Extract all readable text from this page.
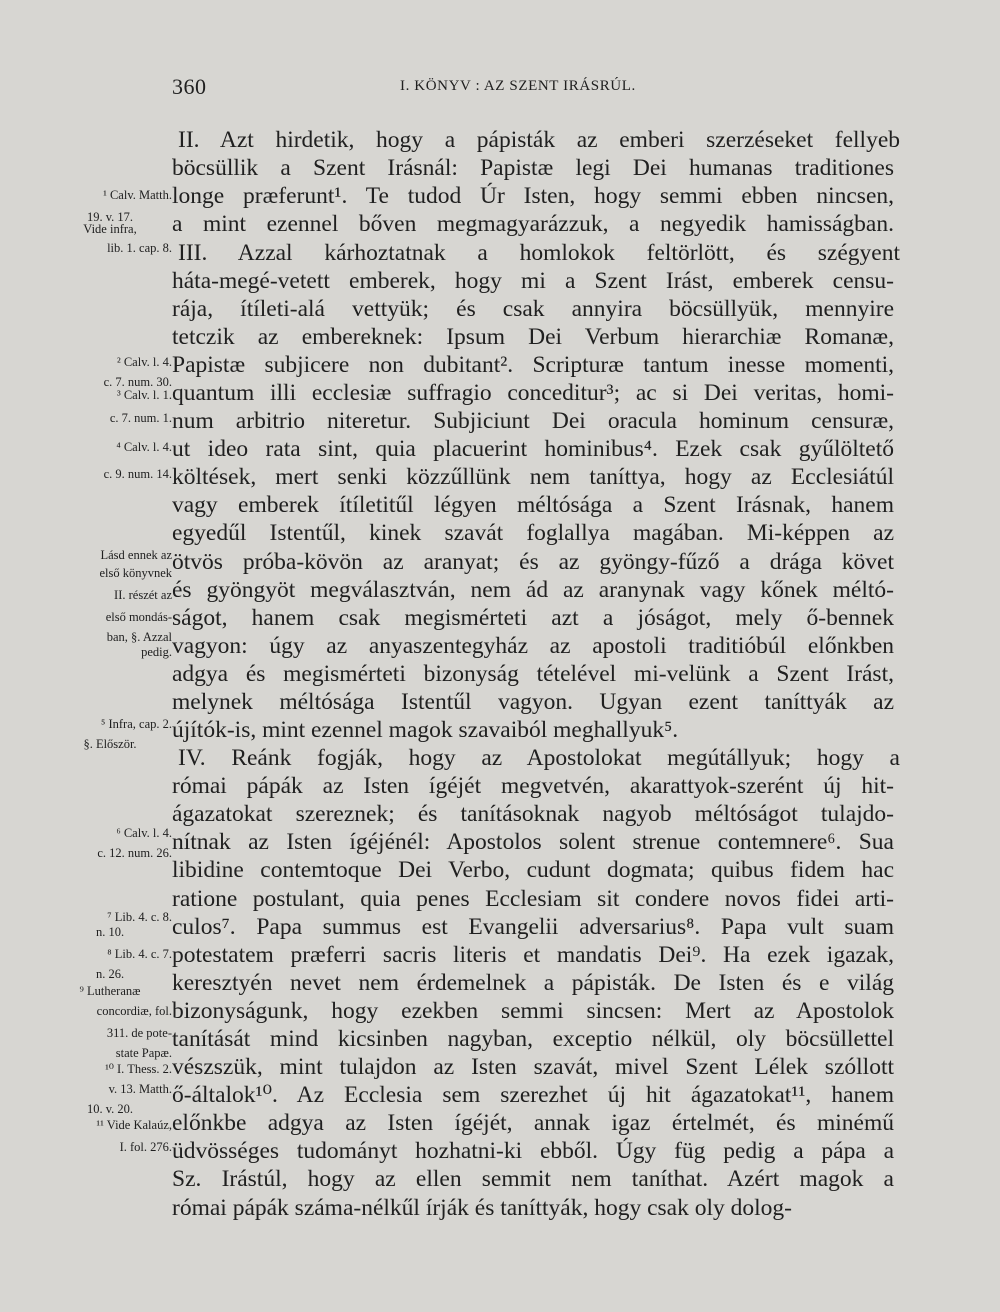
360	I. KÖNYV : AZ SZENT IRÁSRÚL.
II. Azt hirdetik, hogy a pápisták az emberi szerzéseket fellyeb
böcsüllik a Szent Irásnál: Papistæ legi Dei humanas traditiones
longe præferunt¹. Te tudod Úr Isten, hogy semmi ebben nincsen,
a mint ezennel bőven megmagyarázzuk, a negyedik hamisságban.
III. Azzal kárhoztatnak a homlokok feltörlött, és szégyent
háta-megé-vetett emberek, hogy mi a Szent Irást, emberek censu-
rája, ítíleti-alá vettyük; és csak annyira böcsüllyük, mennyire
tetczik az embereknek: Ipsum Dei Verbum hierarchiæ Romanæ,
Papistæ subjicere non dubitant². Scripturæ tantum inesse momenti,
quantum illi ecclesiæ suffragio conceditur³; ac si Dei veritas, homi-
num arbitrio niteretur. Subjiciunt Dei oracula hominum censuræ,
ut ideo rata sint, quia placuerint hominibus⁴. Ezek csak gyűlöltető
költések, mert senki közzűllünk nem taníttya, hogy az Ecclesiátúl
vagy emberek ítíletitűl légyen méltósága a Szent Irásnak, hanem
egyedűl Istentűl, kinek szavát foglallya magában. Mi-képpen az
ötvös próba-kövön az aranyat; és az gyöngy-fűző a drága követ
és gyöngyöt megválasztván, nem ád az aranynak vagy kőnek méltó-
ságot, hanem csak megismérteti azt a jóságot, mely ő-bennek
vagyon: úgy az anyaszentegyház az apostoli traditióbúl előnkben
adgya és megismérteti bizonyság tételével mi-velünk a Szent Irást,
melynek méltósága Istentűl vagyon. Ugyan ezent taníttyák az
újítók-is, mint ezennel magok szavaiból meghallyuk⁵.
IV. Reánk fogják, hogy az Apostolokat megútállyuk; hogy a
római pápák az Isten ígéjét megvetvén, akarattyok-szerént új hit-
ágazatokat szereznek; és tanításoknak nagyob méltóságot tulajdo-
nítnak az Isten ígéjénél: Apostolos solent strenue contemnere⁶. Sua
libidine contemtoque Dei Verbo, cudunt dogmata; quibus fidem hac
ratione postulant, quia penes Ecclesiam sit condere novos fidei arti-
culos⁷. Papa summus est Evangelii adversarius⁸. Papa vult suam
potestatem præferri sacris literis et mandatis Dei⁹. Ha ezek igazak,
keresztyén nevet nem érdemelnek a pápisták. De Isten és e világ
bizonyságunk, hogy ezekben semmi sincsen: Mert az Apostolok
tanítását mind kicsinben nagyban, exceptio nélkül, oly böcsüllettel
vészszük, mint tulajdon az Isten szavát, mivel Szent Lélek szóllott
ő-általok¹⁰. Az Ecclesia sem szerezhet új hit ágazatokat¹¹, hanem
előnkbe adgya az Isten ígéjét, annak igaz értelmét, és minémű
üdvösséges tudományt hozhatni-ki ebből. Úgy füg pedig a pápa a
Sz. Irástúl, hogy az ellen semmit nem taníthat. Azért magok a
római pápák száma-nélkűl írják és taníttyák, hogy csak oly dolog-
¹ Calv. Matth.
19. v. 17.
Vide infra,
lib. 1. cap. 8.
² Calv. l. 4.
c. 7. num. 30.
³ Calv. l. 1.
c. 7. num. 1.
⁴ Calv. l. 4.
c. 9. num. 14.
Lásd ennek az
első könyvnek
II. részét az
első mondás-
ban, §. Azzal
pedig.
⁵ Infra, cap. 2.
§. Először.
⁶ Calv. l. 4.
c. 12. num. 26.
⁷ Lib. 4. c. 8.
n. 10.
⁸ Lib. 4. c. 7.
n. 26.
⁹ Lutheranæ
concordiæ, fol.
311. de pote-
state Papæ.
¹⁰ I. Thess. 2.
v. 13. Matth.
10. v. 20.
¹¹ Vide Kalaúz,
I. fol. 276.
